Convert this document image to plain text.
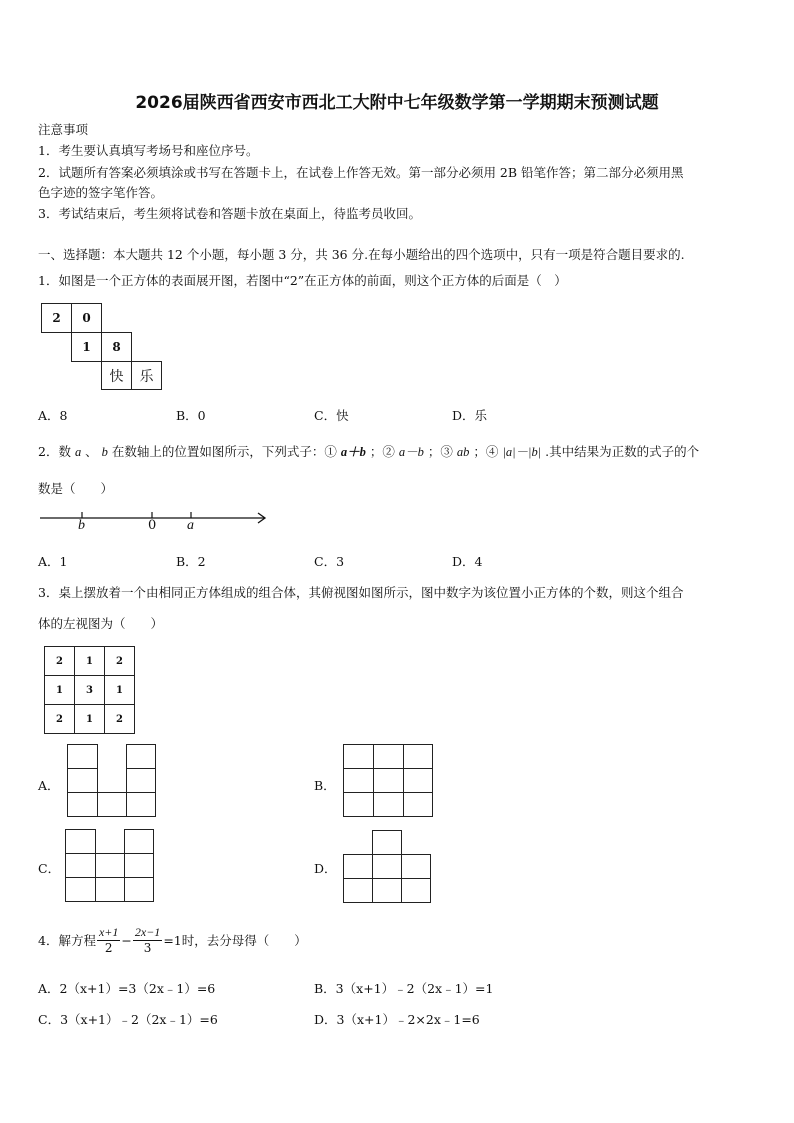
2026届陕西省西安市西北工大附中七年级数学第一学期期末预测试题
注意事项
1．考生要认真填写考场号和座位序号。
2．试题所有答案必须填涂或书写在答题卡上，在试卷上作答无效。第一部分必须用 2B 铅笔作答；第二部分必须用黑
色字迹的签字笔作答。
3．考试结束后，考生须将试卷和答题卡放在桌面上，待监考员收回。
一、选择题：本大题共 12 个小题，每小题 3 分，共 36 分.在每小题给出的四个选项中，只有一项是符合题目要求的.
1．如图是一个正方体的表面展开图，若图中“2”在正方体的前面，则这个正方体的后面是（　）
2	0
1	8
快	乐
A．8	B．0	C．快	D．乐
2．数 a 、 b 在数轴上的位置如图所示，下列式子：① a＋b ；② a－b ；③ ab ；④ |a|－|b| .其中结果为正数的式子的个
数是（　　）
b	0 a
A．1	B．2	C．3	D．4
3．桌上摆放着一个由相同正方体组成的组合体，其俯视图如图所示，图中数字为该位置小正方体的个数，则这个组合
体的左视图为（　　）
2	1	2
1	3	1
2	1	2
A．	B．
C．	D．
4．解方程 $\frac{x+1}{2} - \frac{2x-1}{3} =1$时，去分母得（　　）
A．2（x+1）=3（2x﹣1）=6	B．3（x+1）﹣2（2x﹣1）=1
C．3（x+1）﹣2（2x﹣1）=6	D．3（x+1）﹣2×2x﹣1=6
